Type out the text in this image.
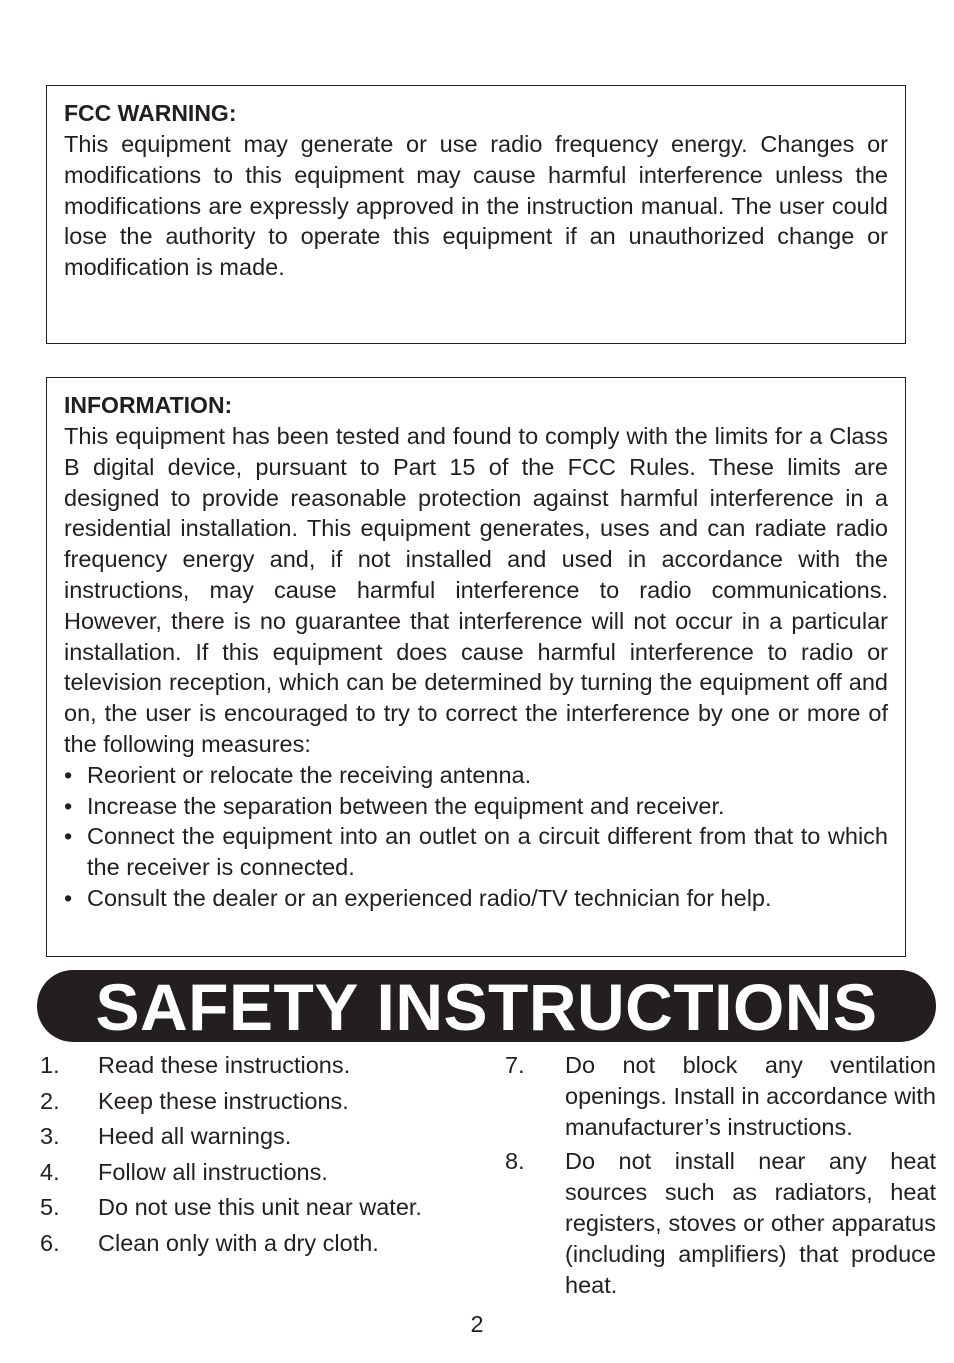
FCC WARNING:

This equipment may generate or use radio frequency energy. Changes or modifications to this equipment may cause harmful interference unless the modifications are expressly approved in the instruction manual. The user could lose the authority to operate this equipment if an unauthorized change or modification is made.

INFORMATION:

This equipment has been tested and found to comply with the limits for a Class B digital device, pursuant to Part 15 of the FCC Rules. These limits are designed to provide reasonable protection against harmful interference in a residential installation. This equipment generates, uses and can radiate radio frequency energy and, if not installed and used in accordance with the instructions, may cause harmful interference to radio communications. However, there is no guarantee that interference will not occur in a particular installation. If this equipment does cause harmful interference to radio or television reception, which can be determined by turning the equipment off and on, the user is encouraged to try to correct the interference by one or more of the following measures:

• Reorient or relocate the receiving antenna.
• Increase the separation between the equipment and receiver.
• Connect the equipment into an outlet on a circuit different from that to which the receiver is connected.
• Consult the dealer or an experienced radio/TV technician for help.
SAFETY INSTRUCTIONS
1.	Read these instructions.
2.	Keep these instructions.
3.	Heed all warnings.
4.	Follow all instructions.
5.	Do not use this unit near water.
6.	Clean only with a dry cloth.
7.	Do not block any ventilation openings. Install in accordance with manufacturer’s instructions.
8.	Do not install near any heat sources such as radiators, heat registers, stoves or other apparatus (including amplifiers) that produce heat.
2
